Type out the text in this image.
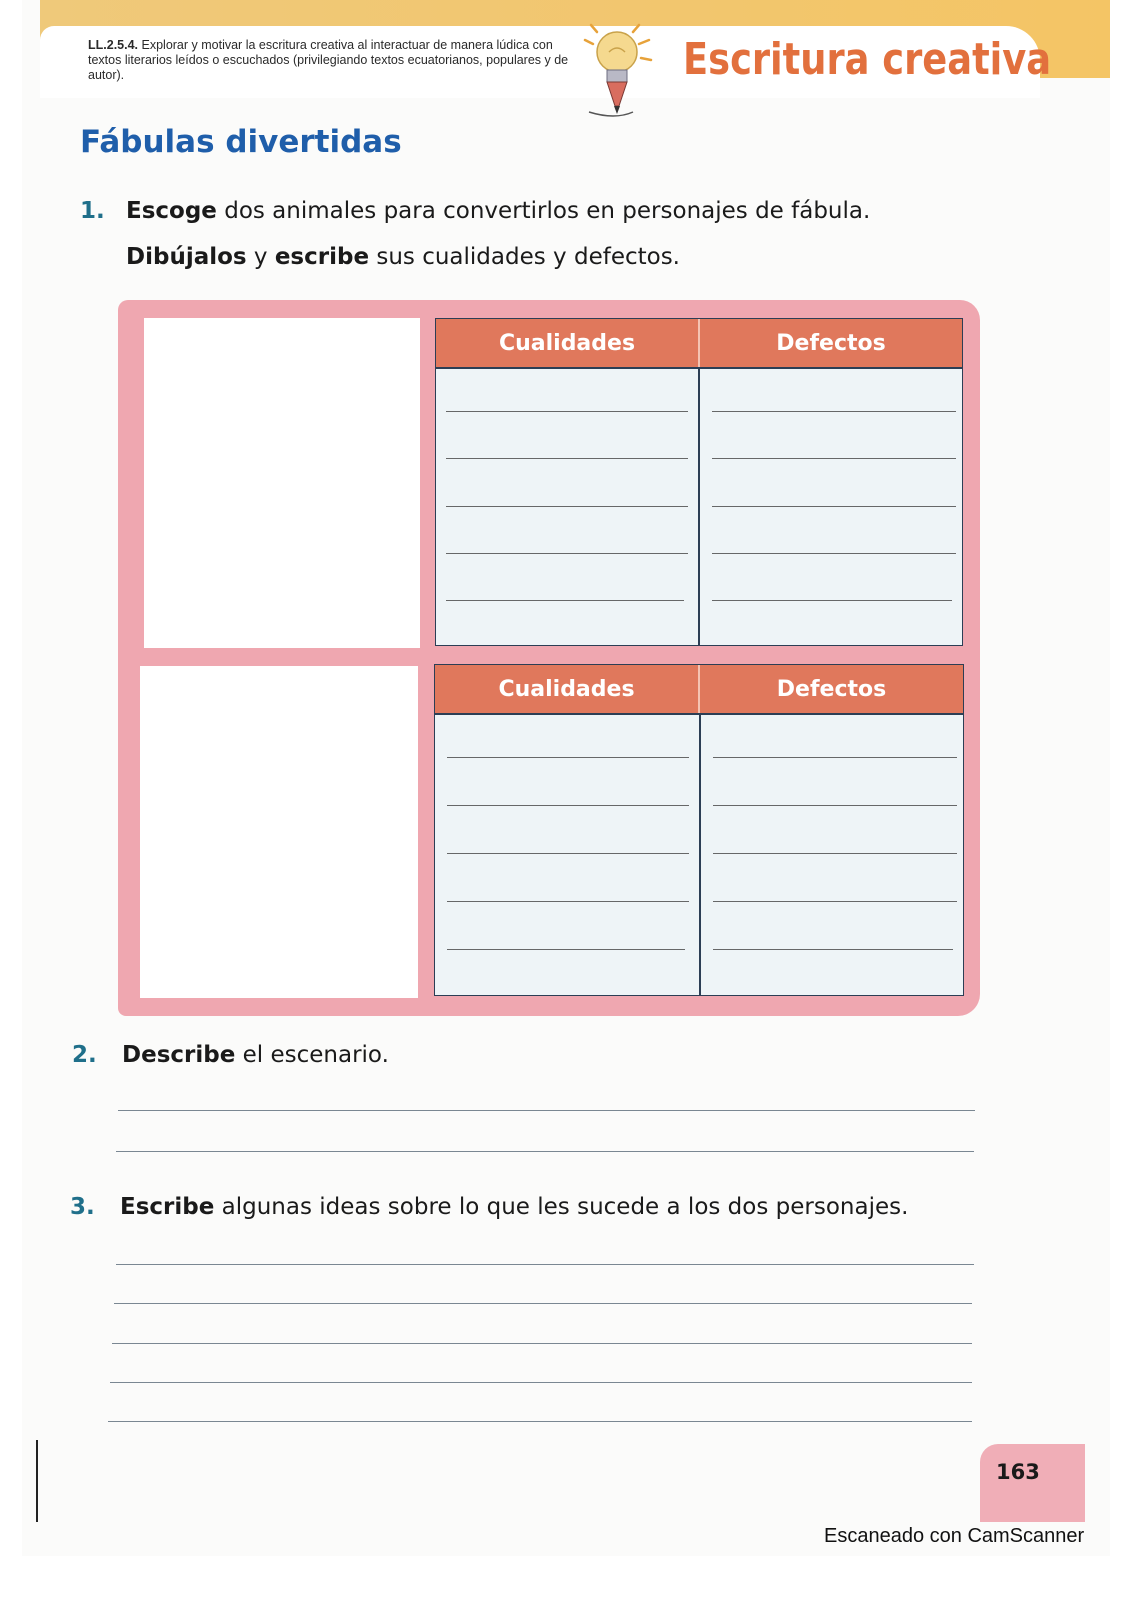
LL.2.5.4. Explorar y motivar la escritura creativa al interactuar de manera lúdica con textos literarios leídos o escuchados (privilegiando textos ecuatorianos, populares y de autor).	Escritura creativa
Fábulas divertidas
1. Escoge dos animales para convertirlos en personajes de fábula.
Dibújalos y escribe sus cualidades y defectos.
Cualidades	Defectos
Cualidades	Defectos
2. Describe el escenario.
3. Escribe algunas ideas sobre lo que les sucede a los dos personajes.
163
Escaneado con CamScanner
